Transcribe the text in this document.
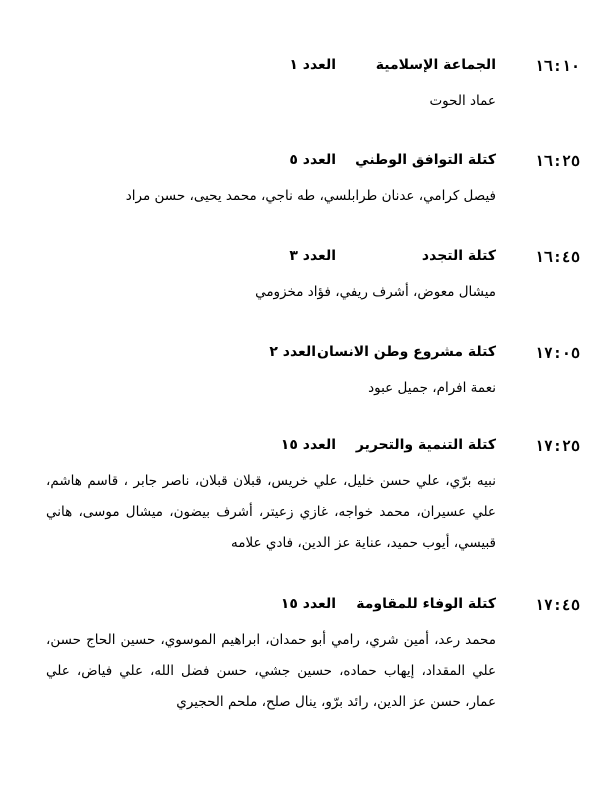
١٦:١٠
الجماعة الإسلامية
العدد ١
عماد الحوت
١٦:٢٥
كتلة التوافق الوطني
العدد ٥
فيصل كرامي، عدنان طرابلسي، طه ناجي، محمد يحيى، حسن مراد
١٦:٤٥
كتلة التجدد
العدد ٣
ميشال معوض، أشرف ريفي، فؤاد مخزومي
١٧:٠٥
كتلة مشروع وطن الانسان
العدد ٢
نعمة افرام، جميل عبود
١٧:٢٥
كتلة التنمية والتحرير
العدد ١٥
نبيه برّي، علي حسن خليل، علي خريس، قبلان قبلان، ناصر جابر ، قاسم هاشم، علي عسيران، محمد خواجه، غازي زعيتر، أشرف بيضون، ميشال موسى، هاني قبيسي، أيوب حميد، عناية عز الدين، فادي علامه
١٧:٤٥
كتلة الوفاء للمقاومة
العدد ١٥
محمد رعد، أمين شري، رامي أبو حمدان، ابراهيم الموسوي، حسين الحاج حسن، علي المقداد، إيهاب حماده، حسين جشي، حسن فضل الله، علي فياض، علي عمار، حسن عز الدين، رائد برّو، ينال صلح، ملحم الحجيري
